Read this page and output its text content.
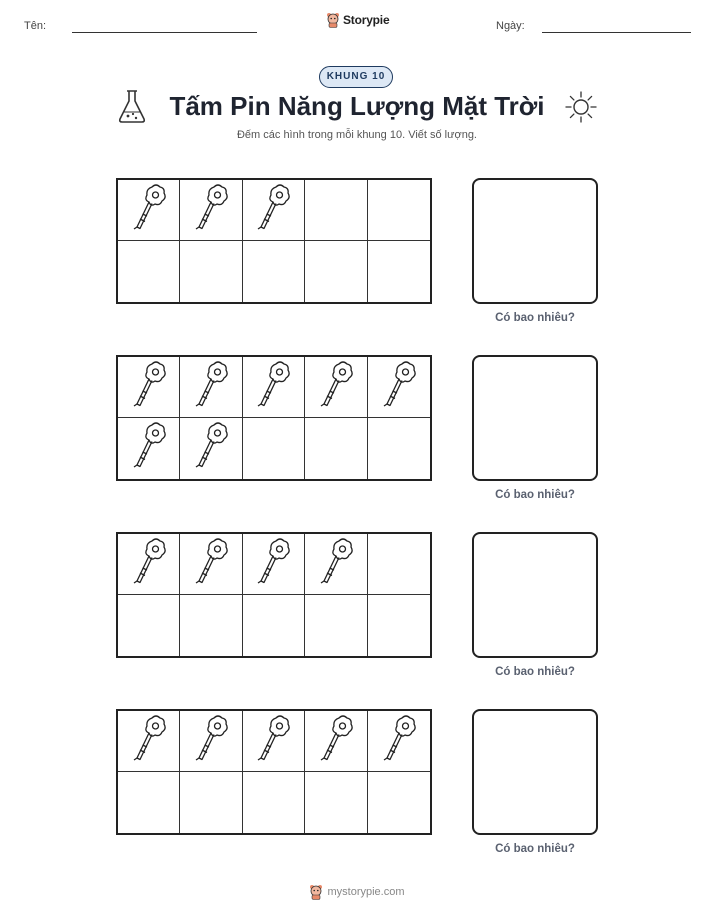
Tên:	Storypie	Ngày:
KHUNG 10
Tấm Pin Năng Lượng Mặt Trời
Đếm các hình trong mỗi khung 10. Viết số lượng.
Có bao nhiêu?
Có bao nhiêu?
Có bao nhiêu?
Có bao nhiêu?
mystorypie.com
